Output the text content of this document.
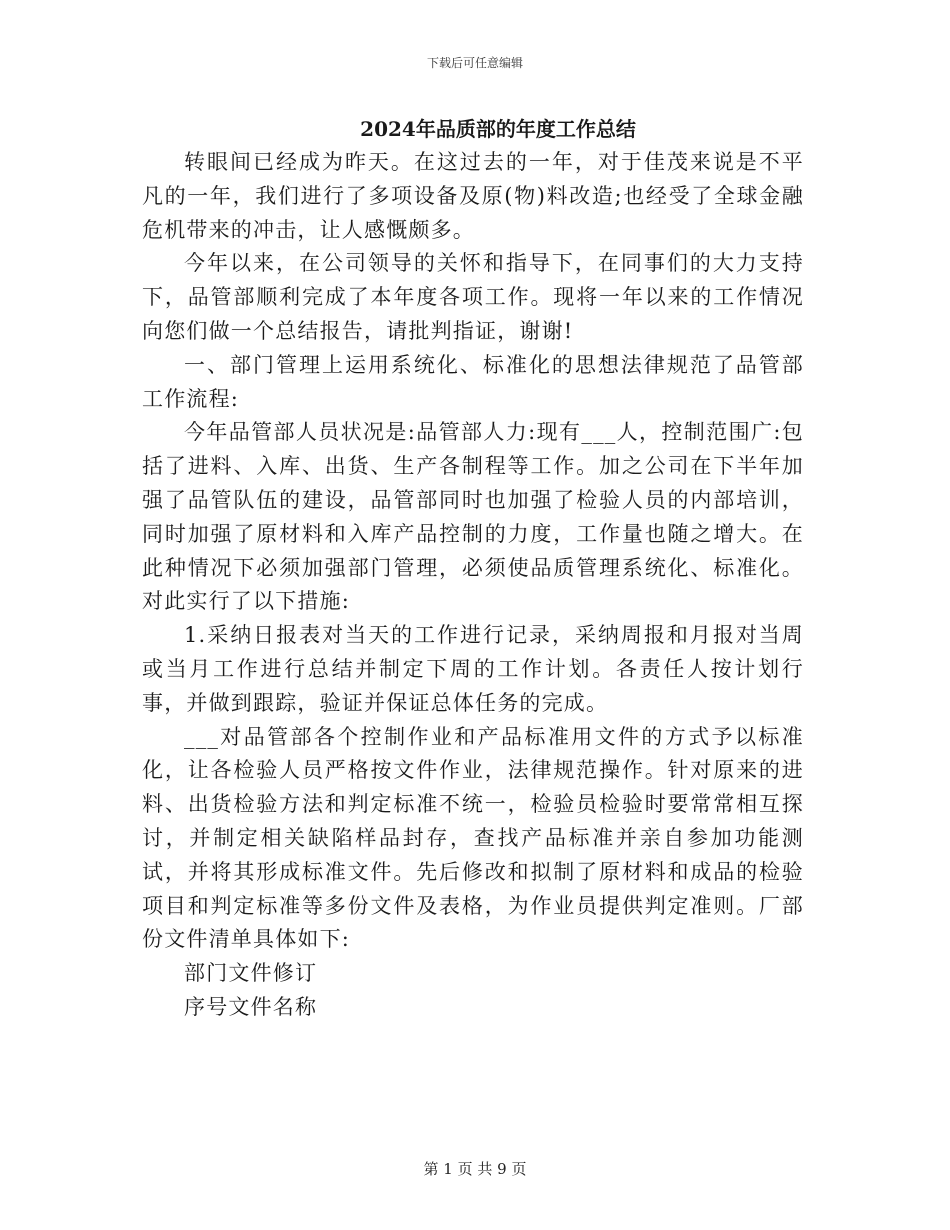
下载后可任意编辑
2024年品质部的年度工作总结

转眼间已经成为昨天。在这过去的一年，对于佳茂来说是不平凡的一年，我们进行了多项设备及原(物)料改造;也经受了全球金融危机带来的冲击，让人感慨颇多。

今年以来，在公司领导的关怀和指导下，在同事们的大力支持下，品管部顺利完成了本年度各项工作。现将一年以来的工作情况向您们做一个总结报告，请批判指证，谢谢!

一、部门管理上运用系统化、标准化的思想法律规范了品管部工作流程:

今年品管部人员状况是:品管部人力:现有___人，控制范围广:包括了进料、入库、出货、生产各制程等工作。加之公司在下半年加强了品管队伍的建设，品管部同时也加强了检验人员的内部培训，同时加强了原材料和入库产品控制的力度，工作量也随之增大。在此种情况下必须加强部门管理，必须使品质管理系统化、标准化。对此实行了以下措施:

1.采纳日报表对当天的工作进行记录，采纳周报和月报对当周或当月工作进行总结并制定下周的工作计划。各责任人按计划行事，并做到跟踪，验证并保证总体任务的完成。

___对品管部各个控制作业和产品标准用文件的方式予以标准化，让各检验人员严格按文件作业，法律规范操作。针对原来的进料、出货检验方法和判定标准不统一，检验员检验时要常常相互探讨，并制定相关缺陷样品封存，查找产品标准并亲自参加功能测试，并将其形成标准文件。先后修改和拟制了原材料和成品的检验项目和判定标准等多份文件及表格，为作业员提供判定准则。厂部份文件清单具体如下:

部门文件修订

序号文件名称

第 1 页 共 9 页
